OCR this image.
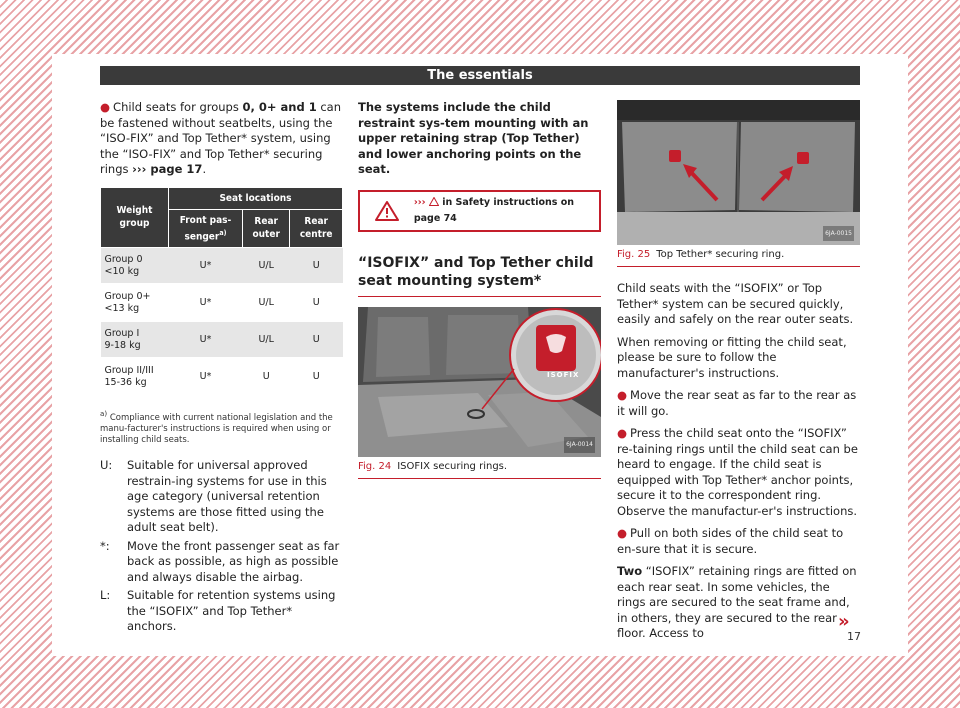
The essentials

● Child seats for groups 0, 0+ and 1 can be fastened without seatbelts, using the “ISO-FIX” and Top Tether* system, using the “ISO-FIX” and Top Tether* securing rings ››› page 17.

Weight group	Seat locations		
	Front pas-senger$^{a)}$	Rear outer	Rear centre
Group 0
<10 kg	U*	U/L	U
Group 0+
<13 kg	U*	U/L	U
Group I
9-18 kg	U*	U/L	U
Group II/III
15-36 kg	U*	U	U

$^{a)}$ Compliance with current national legislation and the manu-facturer's instructions is required when using or installing child seats.

U:	Suitable for universal approved restrain-ing systems for use in this age category (universal retention systems are those fitted using the adult seat belt).
*:	Move the front passenger seat as far back as possible, as high as possible and always disable the airbag.
L:	Suitable for retention systems using the “ISOFIX” and Top Tether* anchors.

The systems include the child restraint sys-tem mounting with an upper retaining strap (Top Tether) and lower anchoring points on the seat.

››› in Safety instructions on page 74
“ISOFIX” and Top Tether child seat mounting system*
ISOFIX
6JA-0014
Fig. 24 ISOFIX securing rings.
6JA-0015
Fig. 25 Top Tether* securing ring.

Child seats with the “ISOFIX” or Top Tether* system can be secured quickly, easily and safely on the rear outer seats.

When removing or fitting the child seat, please be sure to follow the manufacturer's instructions.

● Move the rear seat as far to the rear as it will go.

● Press the child seat onto the “ISOFIX” re-taining rings until the child seat can be heard to engage. If the child seat is equipped with Top Tether* anchor points, secure it to the correspondent ring. Observe the manufactur-er's instructions.

● Pull on both sides of the child seat to en-sure that it is secure.

Two “ISOFIX” retaining rings are fitted on each rear seat. In some vehicles, the rings are secured to the seat frame and, in others, they are secured to the rear floor. Access to

»
17
